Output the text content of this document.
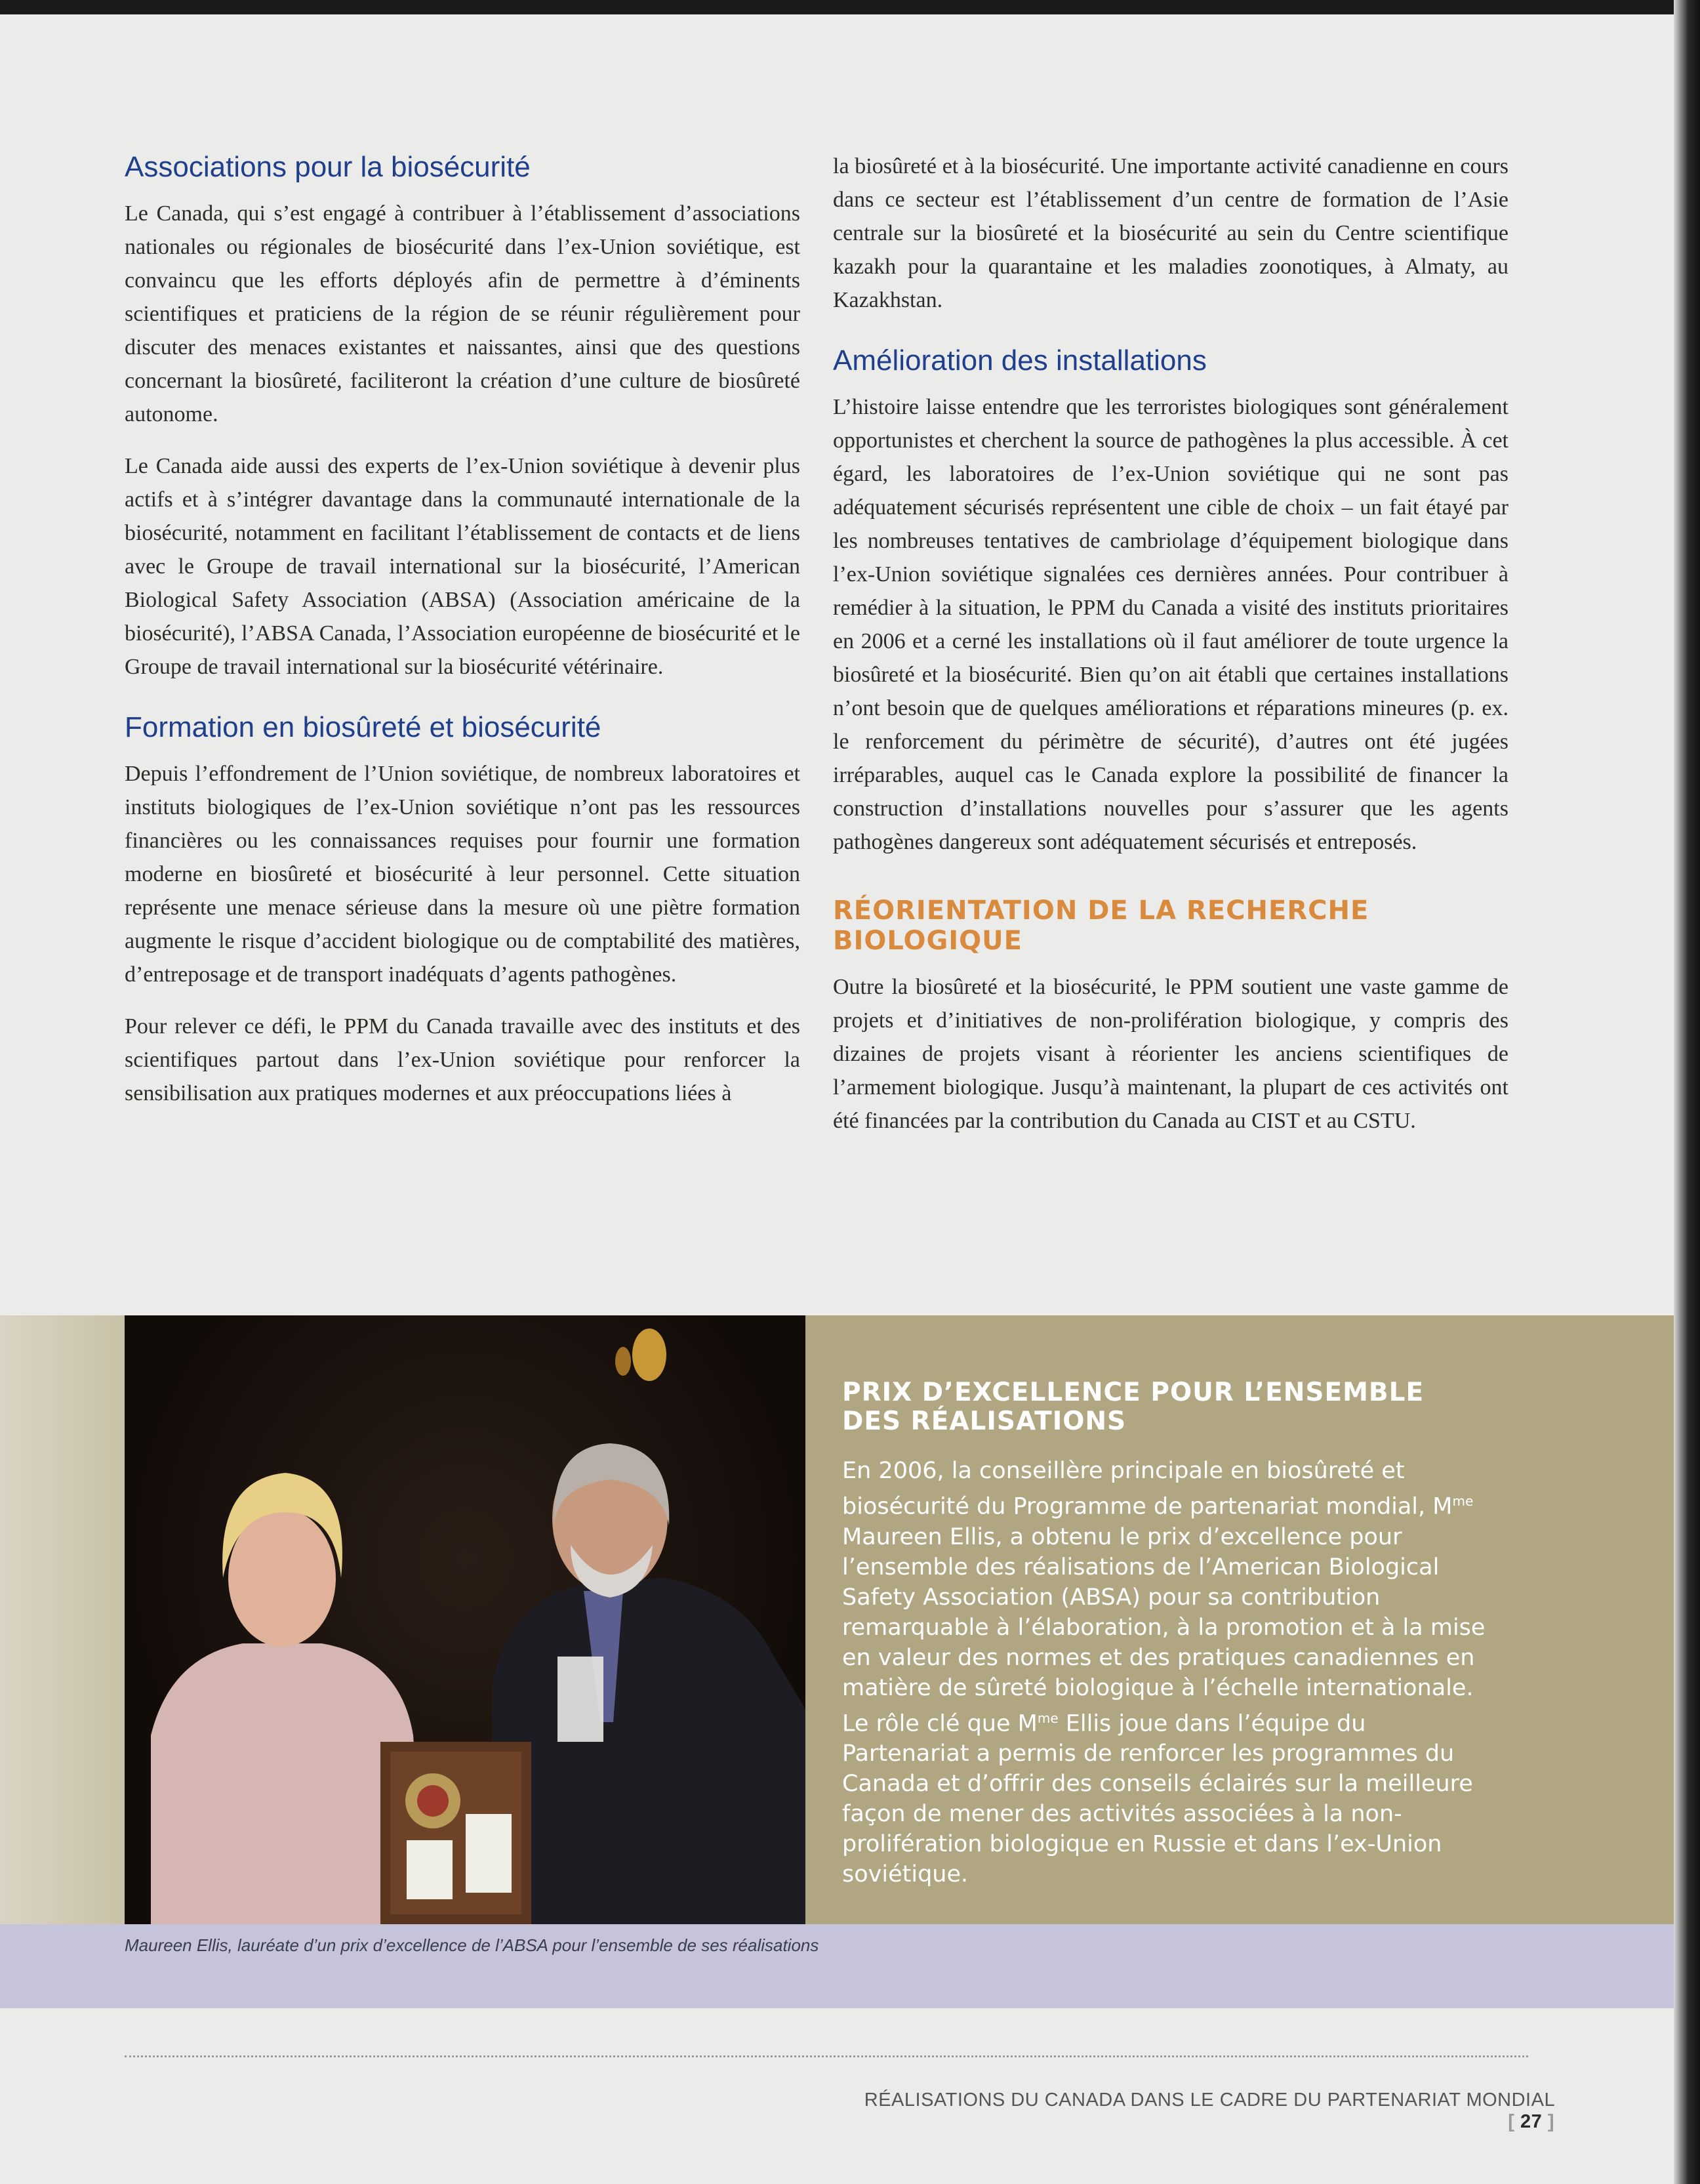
Associations pour la biosécurité

Le Canada, qui s’est engagé à contribuer à l’établissement d’associations nationales ou régionales de biosécurité dans l’ex-Union soviétique, est convaincu que les efforts déployés afin de permettre à d’éminents scientifiques et praticiens de la région de se réunir régulièrement pour discuter des menaces existantes et naissantes, ainsi que des questions concernant la biosûreté, faciliteront la création d’une culture de biosûreté autonome.

Le Canada aide aussi des experts de l’ex-Union soviétique à devenir plus actifs et à s’intégrer davantage dans la communauté internationale de la biosécurité, notamment en facilitant l’établissement de contacts et de liens avec le Groupe de travail international sur la biosécurité, l’American Biological Safety Association (ABSA) (Association américaine de la biosécurité), l’ABSA Canada, l’Association européenne de biosécurité et le Groupe de travail international sur la biosécurité vétérinaire.

Formation en biosûreté et biosécurité

Depuis l’effondrement de l’Union soviétique, de nombreux laboratoires et instituts biologiques de l’ex-Union soviétique n’ont pas les ressources financières ou les connaissances requises pour fournir une formation moderne en biosûreté et biosécurité à leur personnel. Cette situation représente une menace sérieuse dans la mesure où une piètre formation augmente le risque d’accident biologique ou de comptabilité des matières, d’entreposage et de transport inadéquats d’agents pathogènes.

Pour relever ce défi, le PPM du Canada travaille avec des instituts et des scientifiques partout dans l’ex-Union soviétique pour renforcer la sensibilisation aux pratiques modernes et aux préoccupations liées à

la biosûreté et à la biosécurité. Une importante activité canadienne en cours dans ce secteur est l’établissement d’un centre de formation de l’Asie centrale sur la biosûreté et la biosécurité au sein du Centre scientifique kazakh pour la quarantaine et les maladies zoonotiques, à Almaty, au Kazakhstan.

Amélioration des installations

L’histoire laisse entendre que les terroristes biologiques sont généralement opportunistes et cherchent la source de pathogènes la plus accessible. À cet égard, les laboratoires de l’ex-Union soviétique qui ne sont pas adéquatement sécurisés représentent une cible de choix – un fait étayé par les nombreuses tentatives de cambriolage d’équipement biologique dans l’ex-Union soviétique signalées ces dernières années. Pour contribuer à remédier à la situation, le PPM du Canada a visité des instituts prioritaires en 2006 et a cerné les installations où il faut améliorer de toute urgence la biosûreté et la biosécurité. Bien qu’on ait établi que certaines installations n’ont besoin que de quelques améliorations et réparations mineures (p. ex. le renforcement du périmètre de sécurité), d’autres ont été jugées irréparables, auquel cas le Canada explore la possibilité de financer la construction d’installations nouvelles pour s’assurer que les agents pathogènes dangereux sont adéquatement sécurisés et entreposés.

RÉORIENTATION DE LA RECHERCHE BIOLOGIQUE

Outre la biosûreté et la biosécurité, le PPM soutient une vaste gamme de projets et d’initiatives de non-prolifération biologique, y compris des dizaines de projets visant à réorienter les anciens scientifiques de l’armement biologique. Jusqu’à maintenant, la plupart de ces activités ont été financées par la contribution du Canada au CIST et au CSTU.

PRIX D’EXCELLENCE POUR L’ENSEMBLE DES RÉALISATIONS

En 2006, la conseillère principale en biosûreté et biosécurité du Programme de partenariat mondial, $M^{me}$ Maureen Ellis, a obtenu le prix d’excellence pour l’ensemble des réalisations de l’American Biological Safety Association (ABSA) pour sa contribution remarquable à l’élaboration, à la promotion et à la mise en valeur des normes et des pratiques canadiennes en matière de sûreté biologique à l’échelle internationale. Le rôle clé que $M^{me}$ Ellis joue dans l’équipe du Partenariat a permis de renforcer les programmes du Canada et d’offrir des conseils éclairés sur la meilleure façon de mener des activités associées à la non-prolifération biologique en Russie et dans l’ex-Union soviétique.

Maureen Ellis, lauréate d’un prix d’excellence de l’ABSA pour l’ensemble de ses réalisations
RÉALISATIONS DU CANADA DANS LE CADRE DU PARTENARIAT MONDIAL [ 27 ]
